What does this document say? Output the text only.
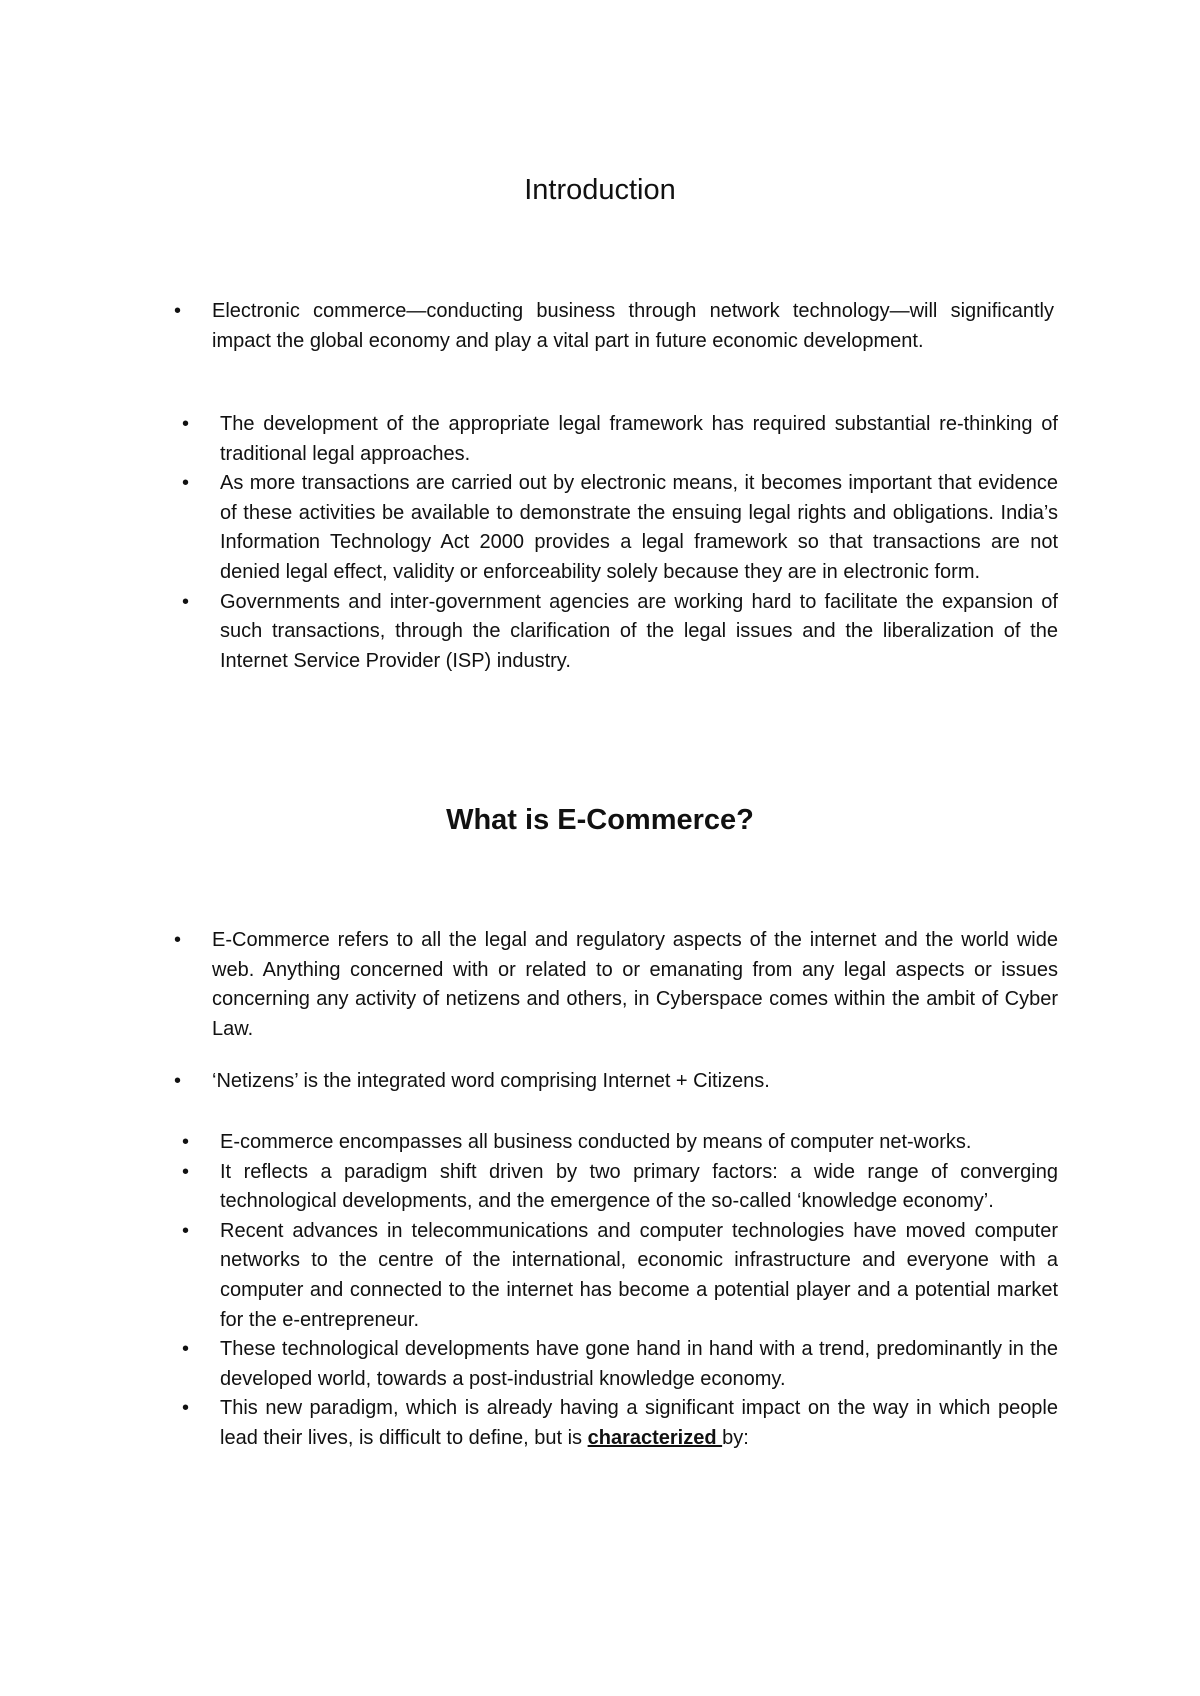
Introduction
• Electronic commerce—conducting business through network technology—will significantly impact the global economy and play a vital part in future economic development.
• The development of the appropriate legal framework has required substantial re-thinking of traditional legal approaches.
• As more transactions are carried out by electronic means, it becomes important that evidence of these activities be available to demonstrate the ensuing legal rights and obligations. India’s Information Technology Act 2000 provides a legal framework so that transactions are not denied legal effect, validity or enforceability solely because they are in electronic form.
• Governments and inter-government agencies are working hard to facilitate the expansion of such transactions, through the clarification of the legal issues and the liberalization of the Internet Service Provider (ISP) industry.
What is E-Commerce?
• E-Commerce refers to all the legal and regulatory aspects of the internet and the world wide web. Anything concerned with or related to or emanating from any legal aspects or issues concerning any activity of netizens and others, in Cyberspace comes within the ambit of Cyber Law.
• ‘Netizens’ is the integrated word comprising Internet + Citizens.
• E-commerce encompasses all business conducted by means of computer net-works.
• It reflects a paradigm shift driven by two primary factors: a wide range of converging technological developments, and the emergence of the so-called ‘knowledge economy’.
• Recent advances in telecommunications and computer technologies have moved computer networks to the centre of the international, economic infrastructure and everyone with a computer and connected to the internet has become a potential player and a potential market for the e-entrepreneur.
• These technological developments have gone hand in hand with a trend, predominantly in the developed world, towards a post-industrial knowledge economy.
• This new paradigm, which is already having a significant impact on the way in which people lead their lives, is difficult to define, but is characterized by:
